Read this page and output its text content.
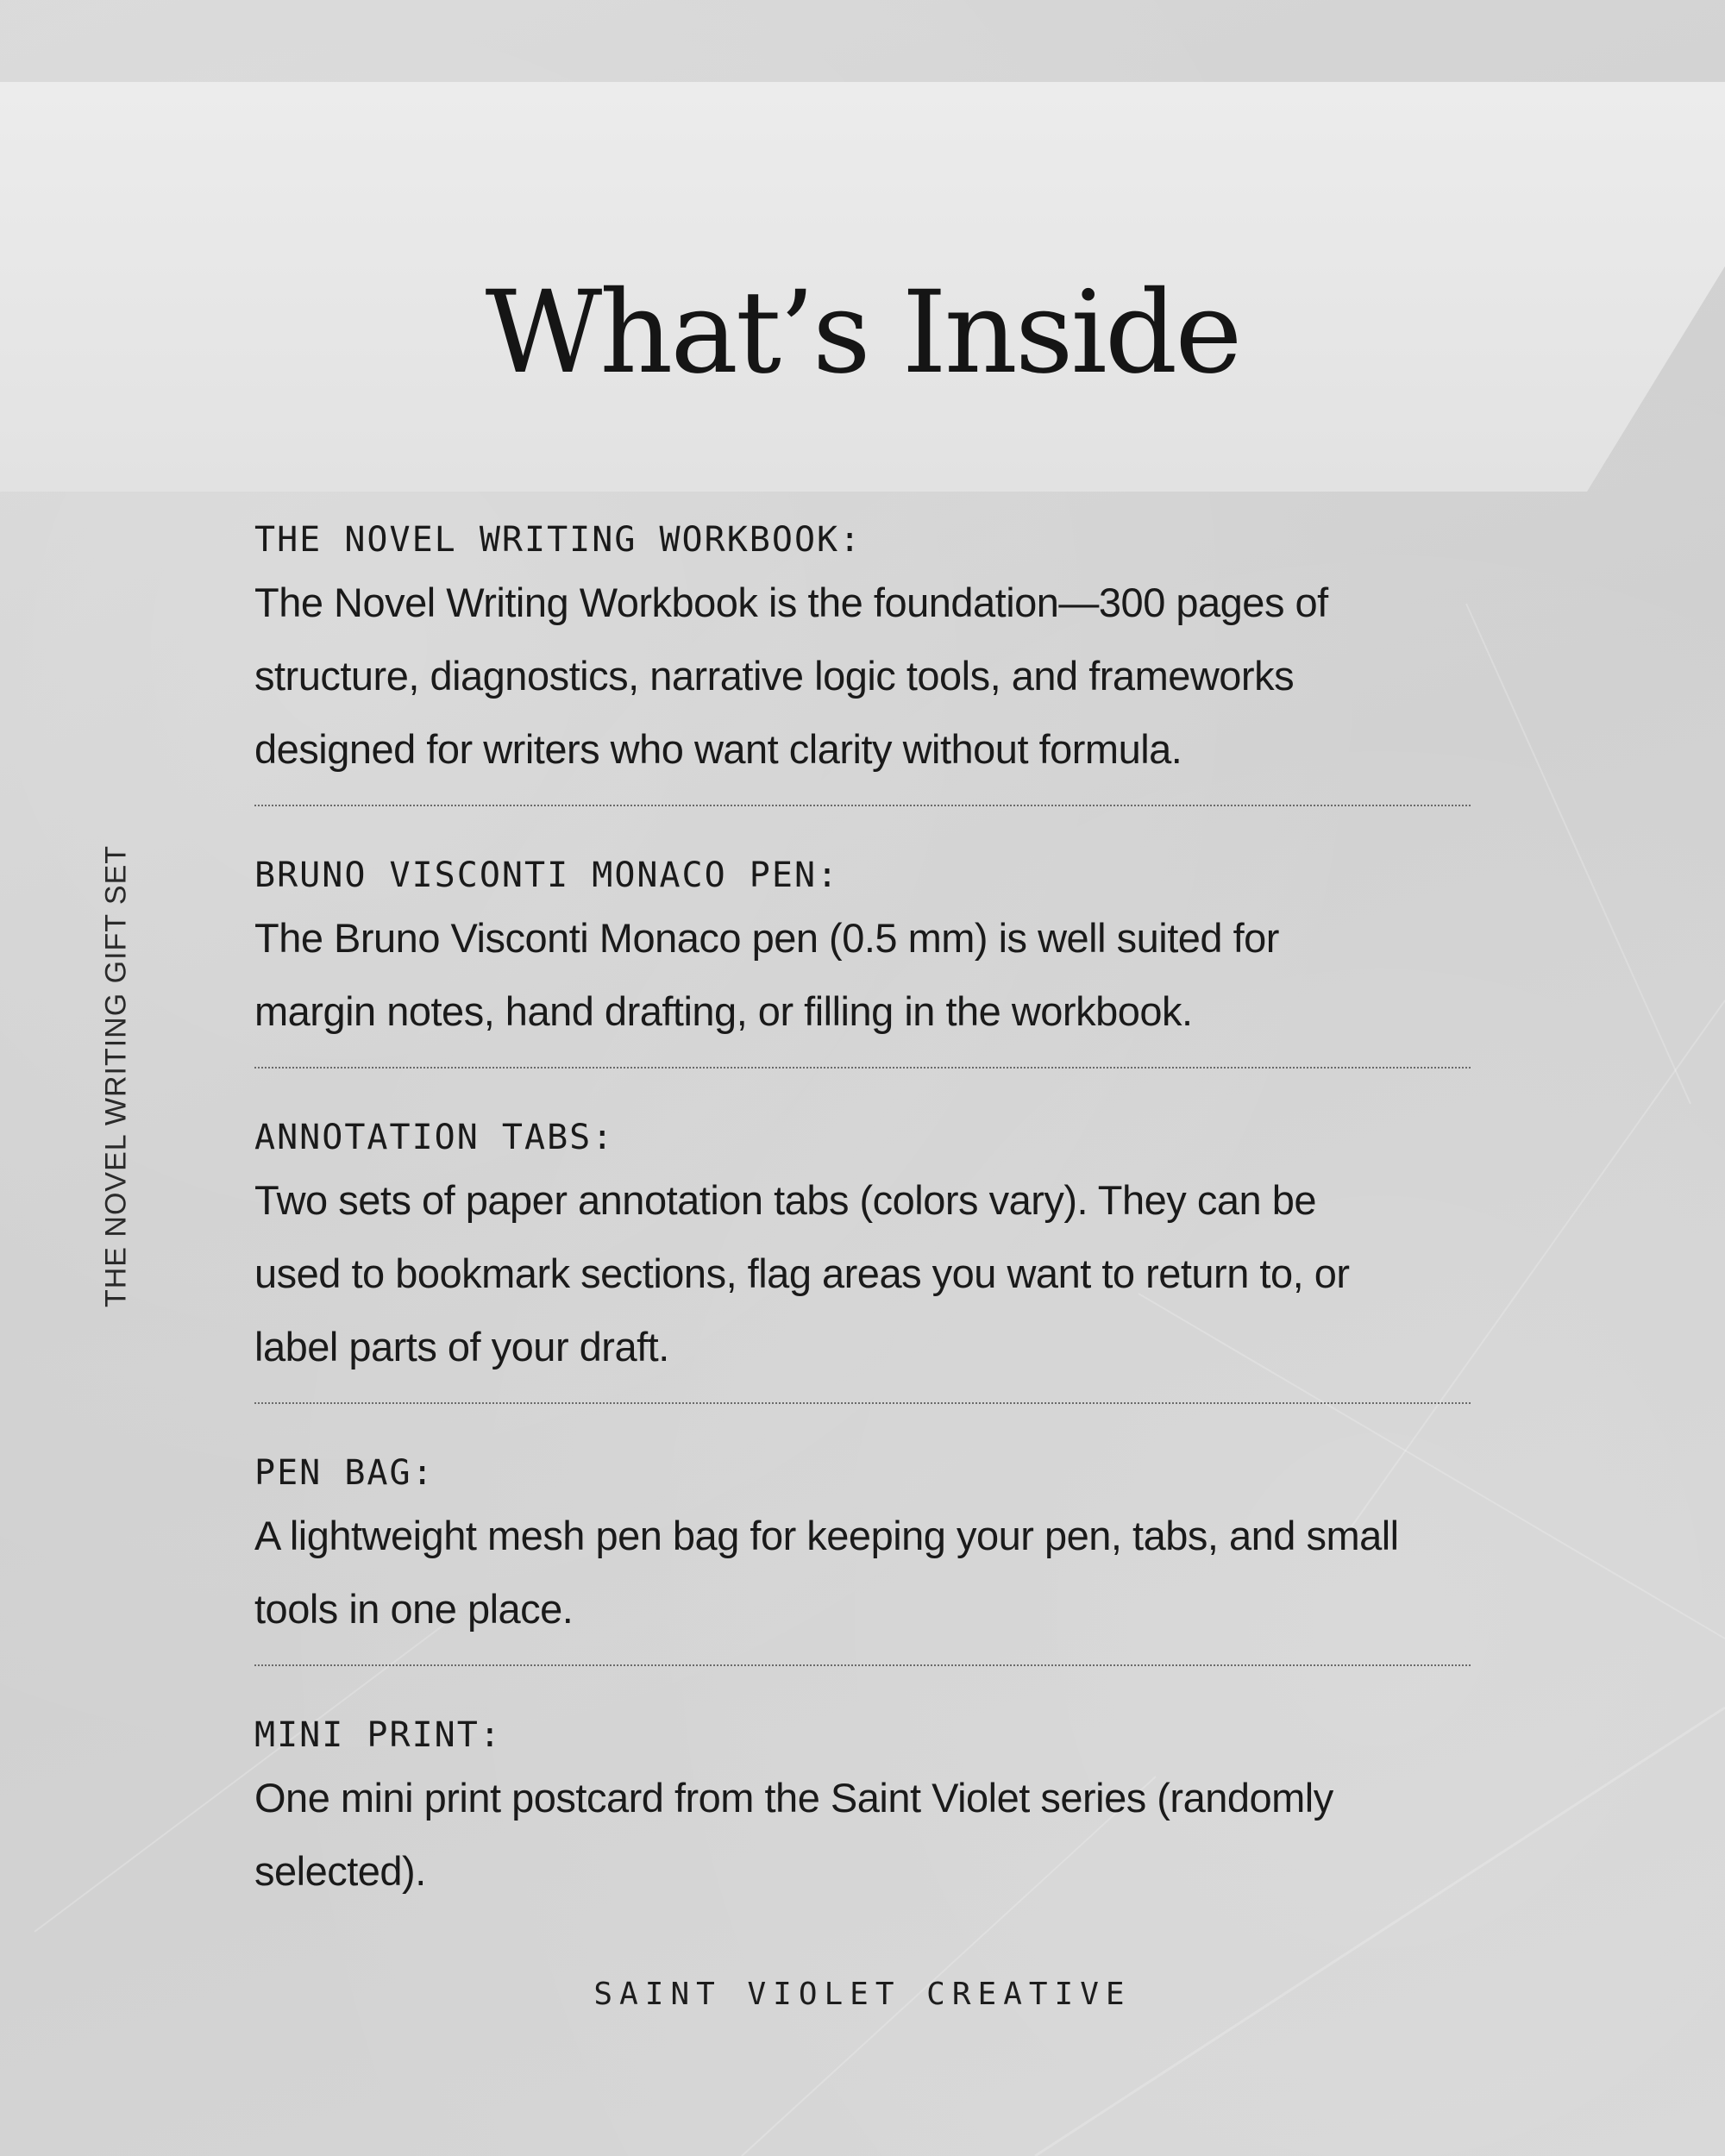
What’s Inside
THE NOVEL WRITING GIFT SET
THE NOVEL WRITING WORKBOOK:
The Novel Writing Workbook is the foundation—300 pages of
structure, diagnostics, narrative logic tools, and frameworks
designed for writers who want clarity without formula.
BRUNO VISCONTI MONACO PEN:
The Bruno Visconti Monaco pen (0.5 mm) is well suited for
margin notes, hand drafting, or filling in the workbook.
ANNOTATION TABS:
Two sets of paper annotation tabs (colors vary). They can be
used to bookmark sections, flag areas you want to return to, or
label parts of your draft.
PEN BAG:
A lightweight mesh pen bag for keeping your pen, tabs, and small
tools in one place.
MINI PRINT:
One mini print postcard from the Saint Violet series (randomly
selected).
SAINT VIOLET CREATIVE
